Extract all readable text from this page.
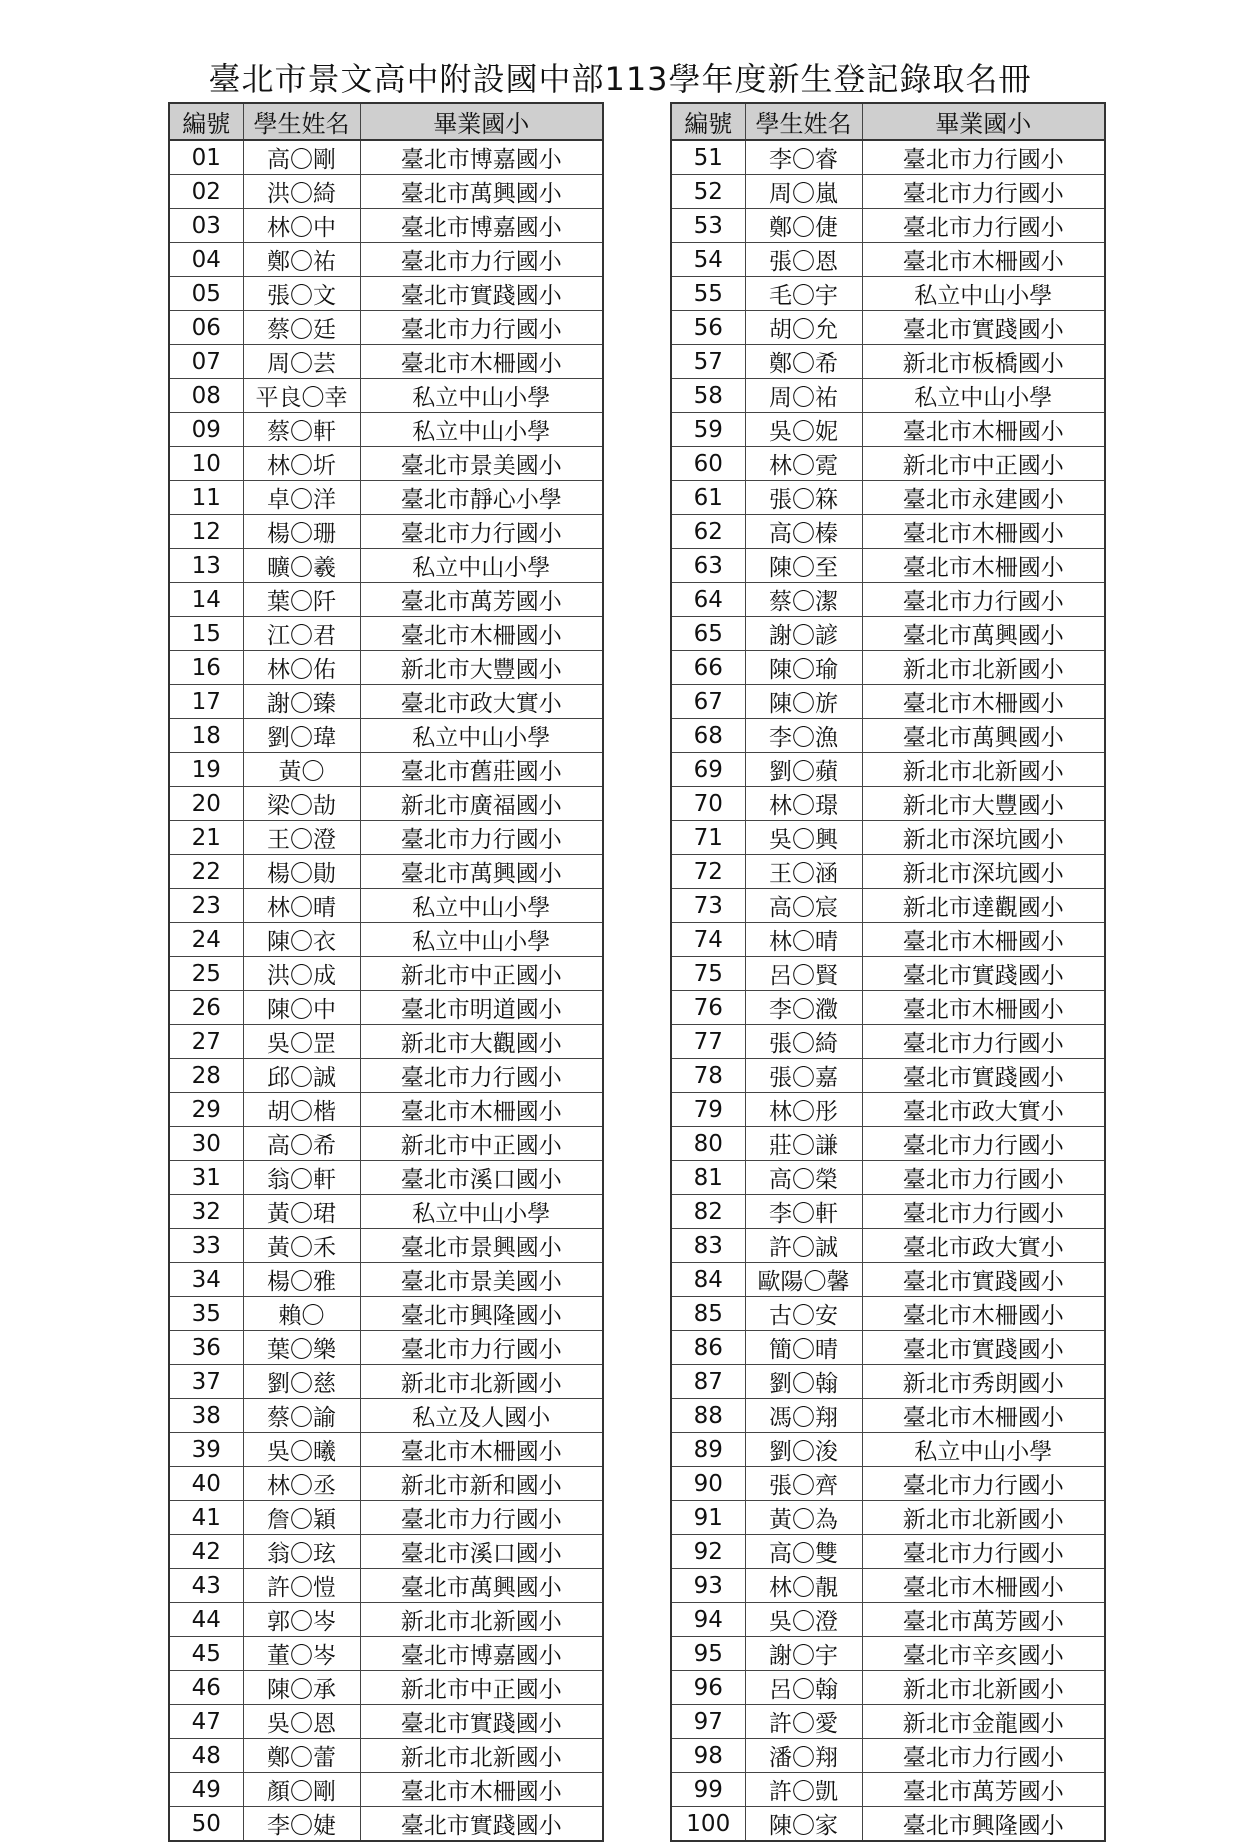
臺北市景文高中附設國中部113學年度新生登記錄取名冊
編號	學生姓名	畢業國小
01	高〇剛	臺北市博嘉國小
02	洪〇綺	臺北市萬興國小
03	林〇中	臺北市博嘉國小
04	鄭〇祐	臺北市力行國小
05	張〇文	臺北市實踐國小
06	蔡〇廷	臺北市力行國小
07	周〇芸	臺北市木柵國小
08	平良〇幸	私立中山小學
09	蔡〇軒	私立中山小學
10	林〇圻	臺北市景美國小
11	卓〇洋	臺北市靜心小學
12	楊〇珊	臺北市力行國小
13	曠〇羲	私立中山小學
14	葉〇阡	臺北市萬芳國小
15	江〇君	臺北市木柵國小
16	林〇佑	新北市大豐國小
17	謝〇臻	臺北市政大實小
18	劉〇瑋	私立中山小學
19	黃〇	臺北市舊莊國小
20	梁〇劼	新北市廣福國小
21	王〇澄	臺北市力行國小
22	楊〇勛	臺北市萬興國小
23	林〇晴	私立中山小學
24	陳〇衣	私立中山小學
25	洪〇成	新北市中正國小
26	陳〇中	臺北市明道國小
27	吳〇罡	新北市大觀國小
28	邱〇誠	臺北市力行國小
29	胡〇楷	臺北市木柵國小
30	高〇希	新北市中正國小
31	翁〇軒	臺北市溪口國小
32	黃〇珺	私立中山小學
33	黃〇禾	臺北市景興國小
34	楊〇雅	臺北市景美國小
35	賴〇	臺北市興隆國小
36	葉〇樂	臺北市力行國小
37	劉〇慈	新北市北新國小
38	蔡〇諭	私立及人國小
39	吳〇曦	臺北市木柵國小
40	林〇丞	新北市新和國小
41	詹〇穎	臺北市力行國小
42	翁〇玹	臺北市溪口國小
43	許〇愷	臺北市萬興國小
44	郭〇岑	新北市北新國小
45	董〇岑	臺北市博嘉國小
46	陳〇承	新北市中正國小
47	吳〇恩	臺北市實踐國小
48	鄭〇蕾	新北市北新國小
49	顏〇剛	臺北市木柵國小
50	李〇婕	臺北市實踐國小
編號	學生姓名	畢業國小
51	李〇睿	臺北市力行國小
52	周〇嵐	臺北市力行國小
53	鄭〇倢	臺北市力行國小
54	張〇恩	臺北市木柵國小
55	毛〇宇	私立中山小學
56	胡〇允	臺北市實踐國小
57	鄭〇希	新北市板橋國小
58	周〇祐	私立中山小學
59	吳〇妮	臺北市木柵國小
60	林〇霓	新北市中正國小
61	張〇箖	臺北市永建國小
62	高〇榛	臺北市木柵國小
63	陳〇至	臺北市木柵國小
64	蔡〇潔	臺北市力行國小
65	謝〇諺	臺北市萬興國小
66	陳〇瑜	新北市北新國小
67	陳〇旂	臺北市木柵國小
68	李〇漁	臺北市萬興國小
69	劉〇蘋	新北市北新國小
70	林〇璟	新北市大豐國小
71	吳〇興	新北市深坑國小
72	王〇涵	新北市深坑國小
73	高〇宸	新北市達觀國小
74	林〇晴	臺北市木柵國小
75	呂〇賢	臺北市實踐國小
76	李〇瀓	臺北市木柵國小
77	張〇綺	臺北市力行國小
78	張〇嘉	臺北市實踐國小
79	林〇彤	臺北市政大實小
80	莊〇謙	臺北市力行國小
81	高〇榮	臺北市力行國小
82	李〇軒	臺北市力行國小
83	許〇誠	臺北市政大實小
84	歐陽〇馨	臺北市實踐國小
85	古〇安	臺北市木柵國小
86	簡〇晴	臺北市實踐國小
87	劉〇翰	新北市秀朗國小
88	馮〇翔	臺北市木柵國小
89	劉〇浚	私立中山小學
90	張〇齊	臺北市力行國小
91	黃〇為	新北市北新國小
92	高〇雙	臺北市力行國小
93	林〇靚	臺北市木柵國小
94	吳〇澄	臺北市萬芳國小
95	謝〇宇	臺北市辛亥國小
96	呂〇翰	新北市北新國小
97	許〇愛	新北市金龍國小
98	潘〇翔	臺北市力行國小
99	許〇凱	臺北市萬芳國小
100	陳〇家	臺北市興隆國小
